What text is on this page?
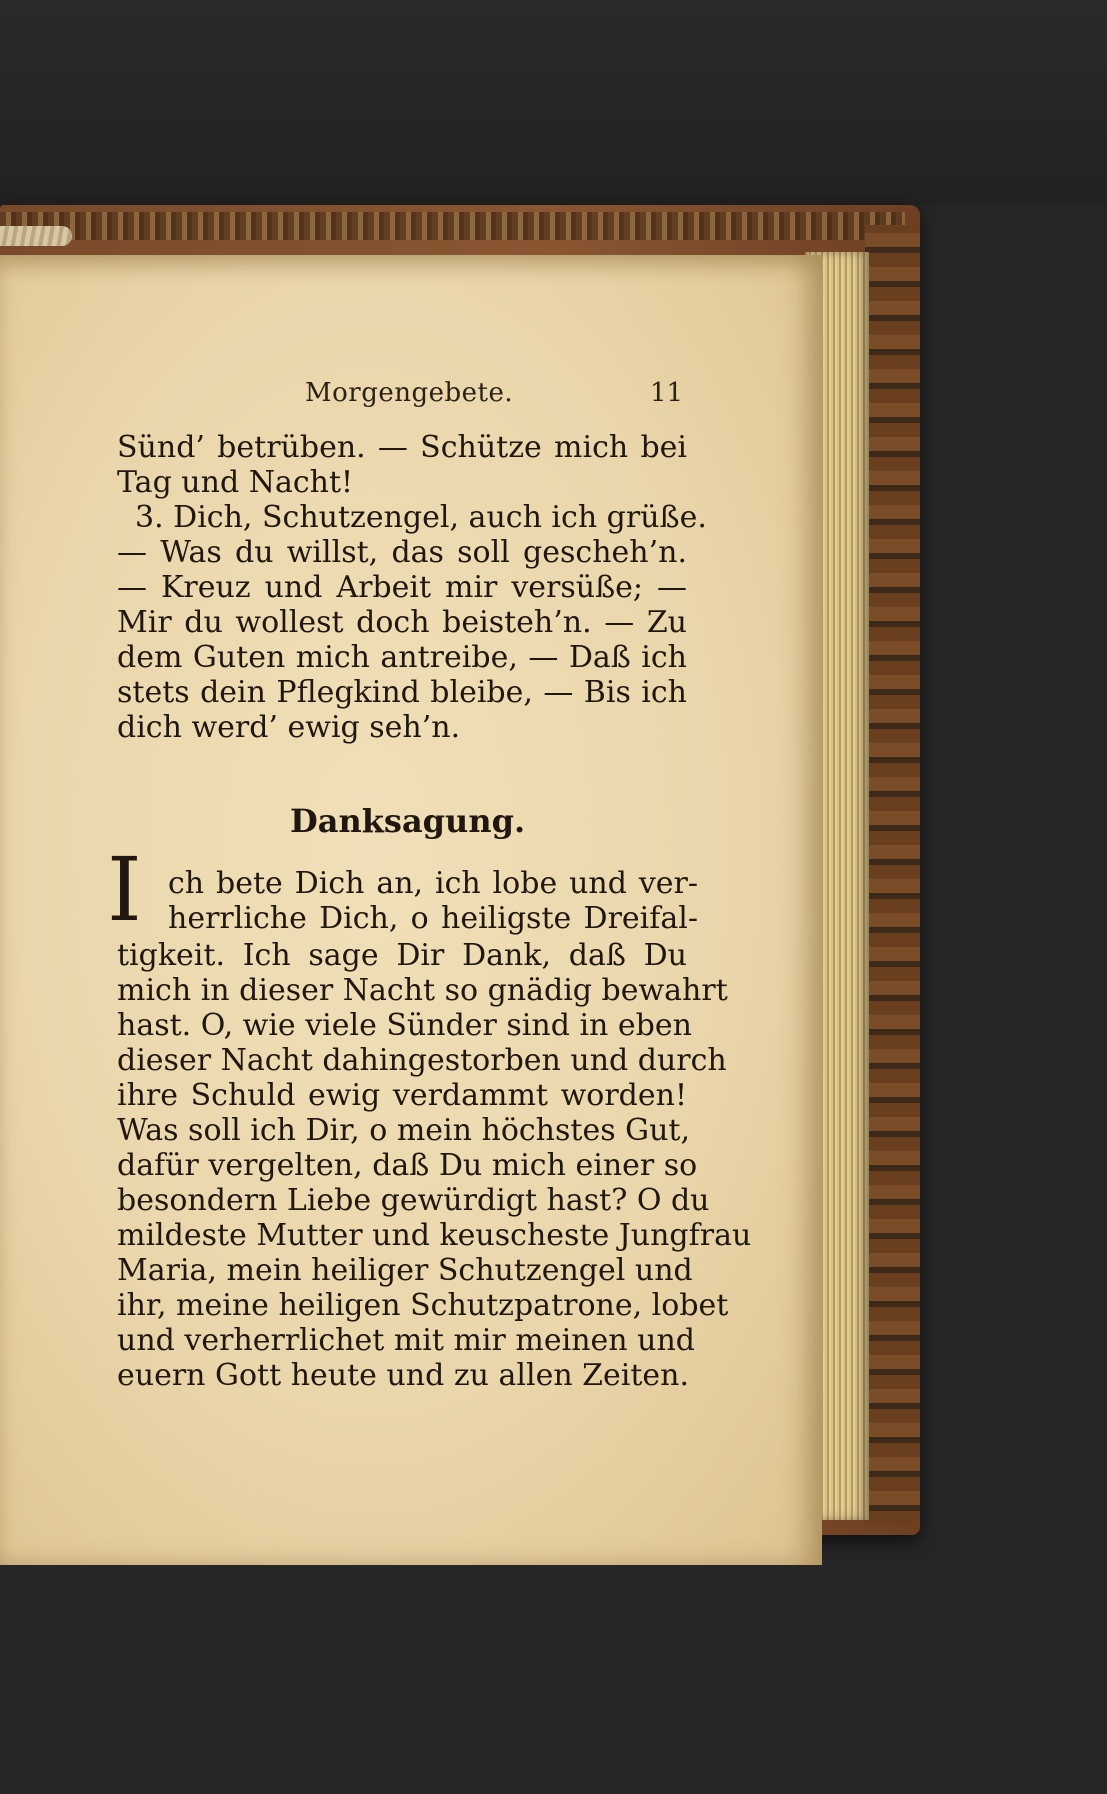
Morgengebete.	11
Sünd’ betrüben. — Schütze mich bei
Tag und Nacht!
3. Dich, Schutzengel, auch ich grüße.
— Was du willst, das soll gescheh’n.
— Kreuz und Arbeit mir versüße; —
Mir du wollest doch beisteh’n. — Zu
dem Guten mich antreibe, — Daß ich
stets dein Pflegkind bleibe, — Bis ich
dich werd’ ewig seh’n.
Danksagung.
I ch bete Dich an, ich lobe und ver-
herrliche Dich, o heiligste Dreifal-
tigkeit. Ich sage Dir Dank, daß Du
mich in dieser Nacht so gnädig bewahrt
hast. O, wie viele Sünder sind in eben
dieser Nacht dahingestorben und durch
ihre Schuld ewig verdammt worden!
Was soll ich Dir, o mein höchstes Gut,
dafür vergelten, daß Du mich einer so
besondern Liebe gewürdigt hast? O du
mildeste Mutter und keuscheste Jungfrau
Maria, mein heiliger Schutzengel und
ihr, meine heiligen Schutzpatrone, lobet
und verherrlichet mit mir meinen und
euern Gott heute und zu allen Zeiten.
